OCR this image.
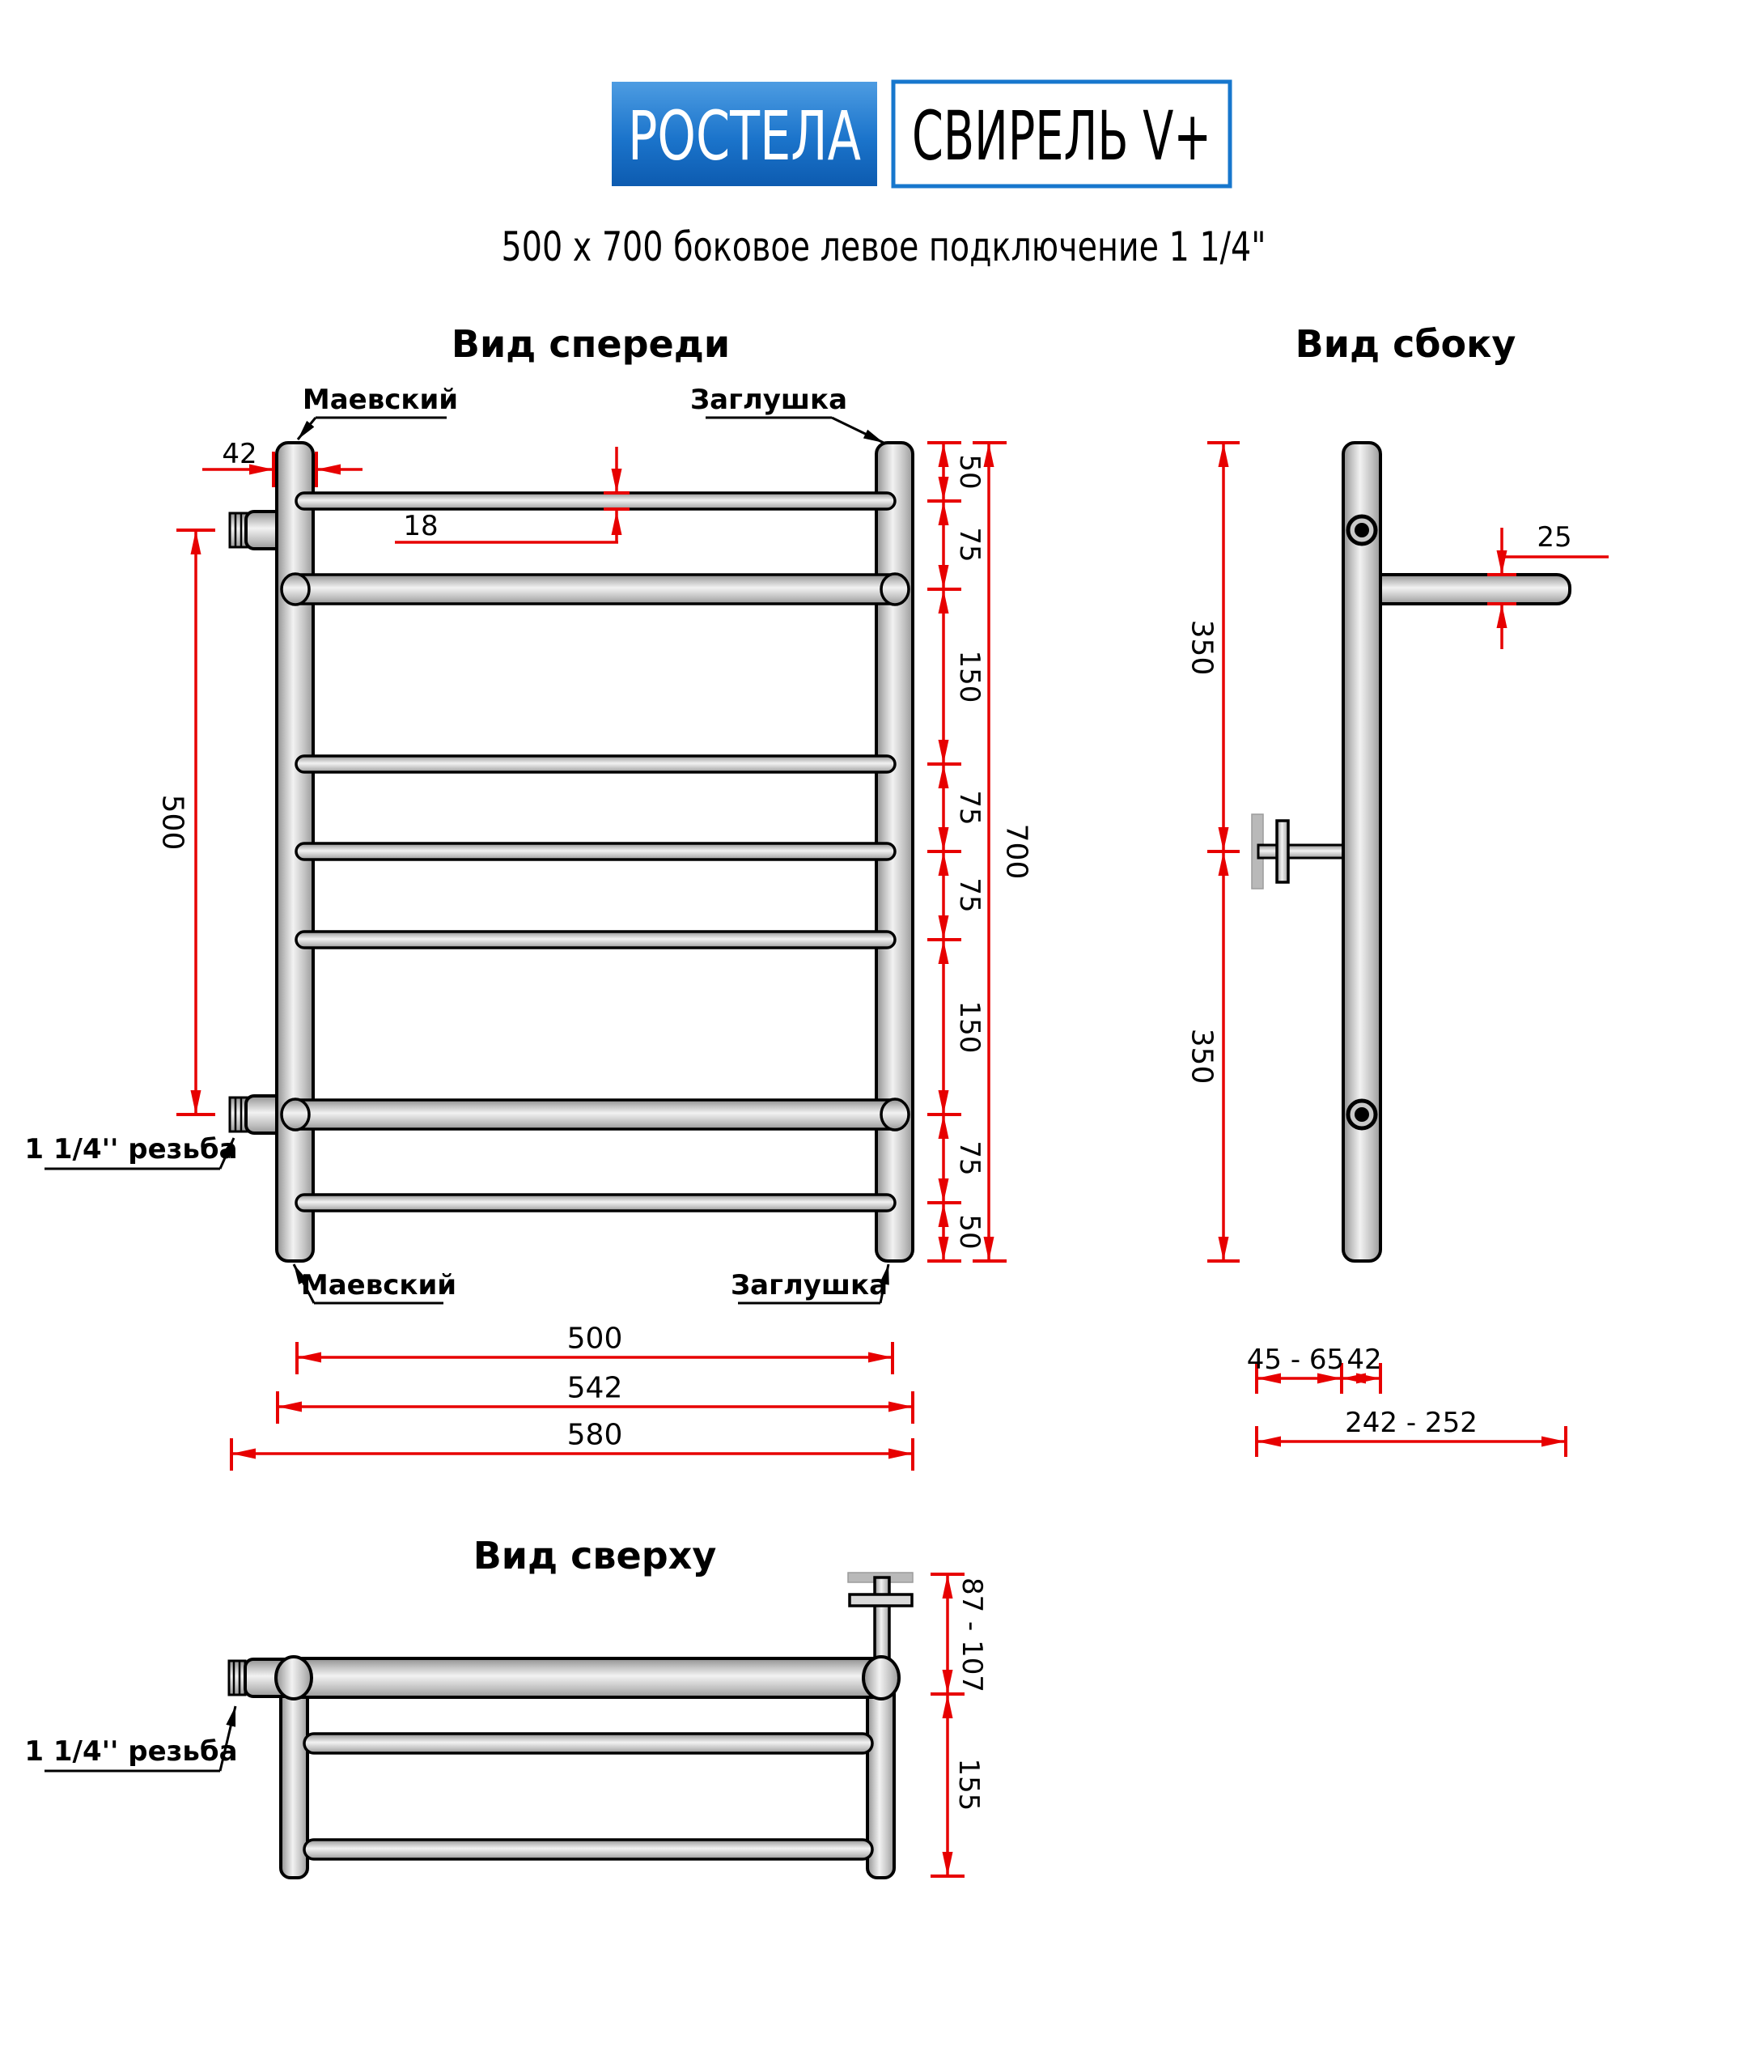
РОСТЕЛА СВИРЕЛЬ V+
500 х 700 боковое левое подключение 1 1/4"
Вид спереди
42
18
500
50
75
150
75
75
150
75
50
700
Маевский	Заглушка
Маевский	Заглушка
1 1/4'' резьба
500
542
580
Вид сбоку
25
350
350
45 - 65 42
242 - 252
Вид сверху
1 1/4'' резьба
87 - 107
155
